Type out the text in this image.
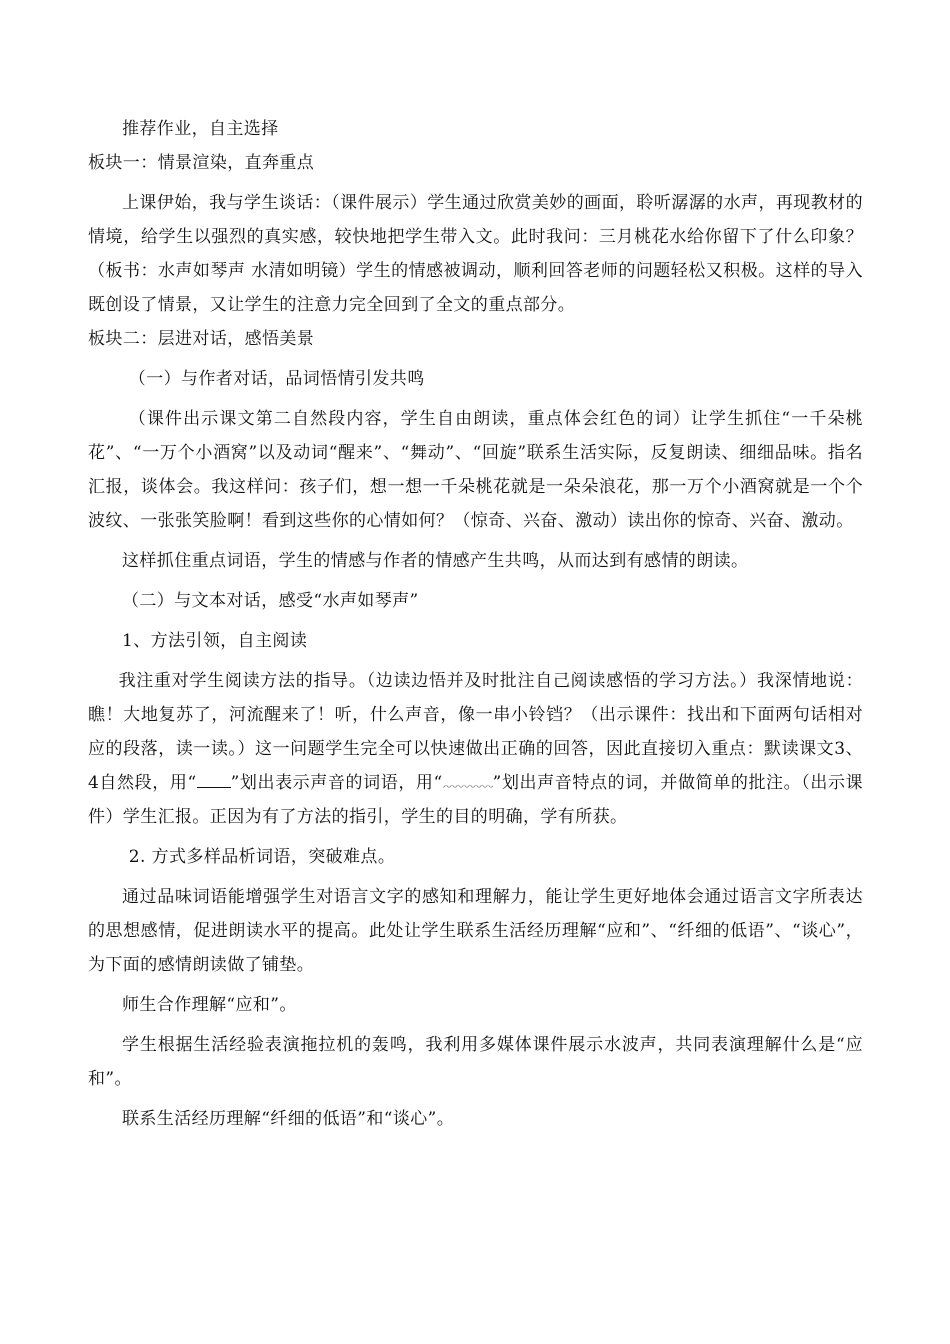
推荐作业，自主选择

板块一：情景渲染，直奔重点

上课伊始，我与学生谈话：（课件展示）学生通过欣赏美妙的画面，聆听潺潺的水声，再现教材的情境，给学生以强烈的真实感，较快地把学生带入文。此时我问：三月桃花水给你留下了什么印象？（板书：水声如琴声 水清如明镜）学生的情感被调动，顺利回答老师的问题轻松又积极。这样的导入既创设了情景，又让学生的注意力完全回到了全文的重点部分。

板块二：层进对话，感悟美景

（一）与作者对话，品词悟情引发共鸣

（课件出示课文第二自然段内容，学生自由朗读，重点体会红色的词）让学生抓住“一千朵桃花”、“一万个小酒窝”以及动词“醒来”、“舞动”、“回旋”联系生活实际，反复朗读、细细品味。指名汇报，谈体会。我这样问：孩子们，想一想一千朵桃花就是一朵朵浪花，那一万个小酒窝就是一个个波纹、一张张笑脸啊！看到这些你的心情如何？（惊奇、兴奋、激动）读出你的惊奇、兴奋、激动。

这样抓住重点词语，学生的情感与作者的情感产生共鸣，从而达到有感情的朗读。

（二）与文本对话，感受“水声如琴声”

1、方法引领，自主阅读

我注重对学生阅读方法的指导。（边读边悟并及时批注自己阅读感悟的学习方法。）我深情地说：瞧！大地复苏了，河流醒来了！听，什么声音，像一串小铃铛？（出示课件：找出和下面两句话相对应的段落，读一读。）这一问题学生完全可以快速做出正确的回答，因此直接切入重点：默读课文3、4自然段，用“ ”划出表示声音的词语，用“	”划出声音特点的词，并做简单的批注。（出示课件）学生汇报。正因为有了方法的指引，学生的目的明确，学有所获。

2. 方式多样品析词语，突破难点。

通过品味词语能增强学生对语言文字的感知和理解力，能让学生更好地体会通过语言文字所表达的思想感情，促进朗读水平的提高。此处让学生联系生活经历理解“应和”、“纤细的低语”、“谈心”，为下面的感情朗读做了铺垫。

师生合作理解“应和”。

学生根据生活经验表演拖拉机的轰鸣，我利用多媒体课件展示水波声，共同表演理解什么是“应和”。

联系生活经历理解“纤细的低语”和“谈心”。
